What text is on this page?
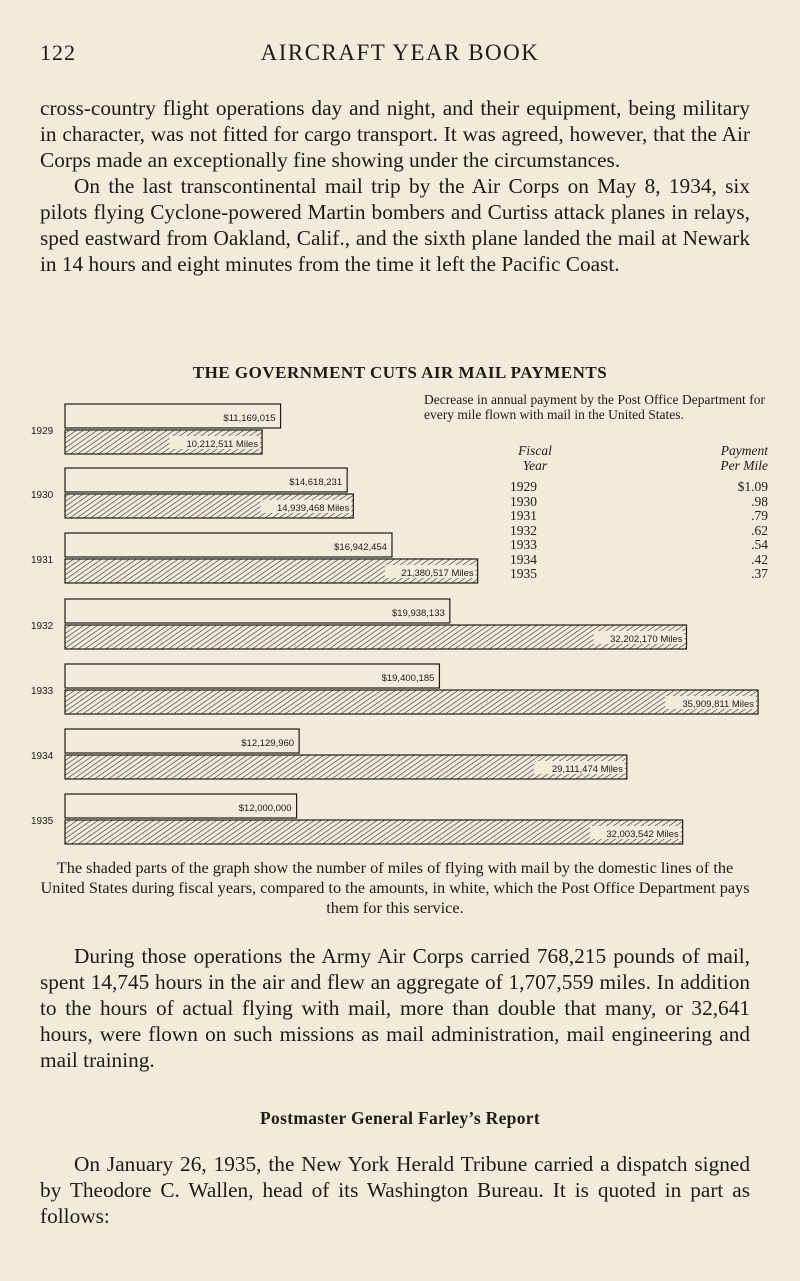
122	AIRCRAFT YEAR BOOK

cross-country flight operations day and night, and their equipment, being military in character, was not fitted for cargo transport. It was agreed, however, that the Air Corps made an exceptionally fine showing under the circumstances.

On the last transcontinental mail trip by the Air Corps on May 8, 1934, six pilots flying Cyclone-powered Martin bombers and Curtiss attack planes in relays, sped eastward from Oakland, Calif., and the sixth plane landed the mail at Newark in 14 hours and eight minutes from the time it left the Pacific Coast.

THE GOVERNMENT CUTS AIR MAIL PAYMENTS
1929
$11,169,015
10,212,511 Miles
1930
$14,618,231
14,939,468 Miles
1931
$16,942,454
21,380,517 Miles
1932
$19,938,133
32,202,170 Miles
1933
$19,400,185
35,909,811 Miles
1934
$12,129,960
29,111,474 Miles
1935
$12,000,000
32,003,542 Miles

Decrease in annual payment by the Post Office Department for every mile flown with mail in the United States.

Fiscal
Year
Payment
Per Mile
1929
1930
1931
1932
1933
1934
1935
$1.09
.98
.79
.62
.54
.42
.37

The shaded parts of the graph show the number of miles of flying with mail by the domestic lines of the United States during fiscal years, compared to the amounts, in white, which the Post Office Department pays them for this service.

During those operations the Army Air Corps carried 768,215 pounds of mail, spent 14,745 hours in the air and flew an aggregate of 1,707,559 miles. In addition to the hours of actual flying with mail, more than double that many, or 32,641 hours, were flown on such missions as mail administration, mail engineering and mail training.

Postmaster General Farley’s Report

On January 26, 1935, the New York Herald Tribune carried a dispatch signed by Theodore C. Wallen, head of its Washington Bureau. It is quoted in part as follows:
